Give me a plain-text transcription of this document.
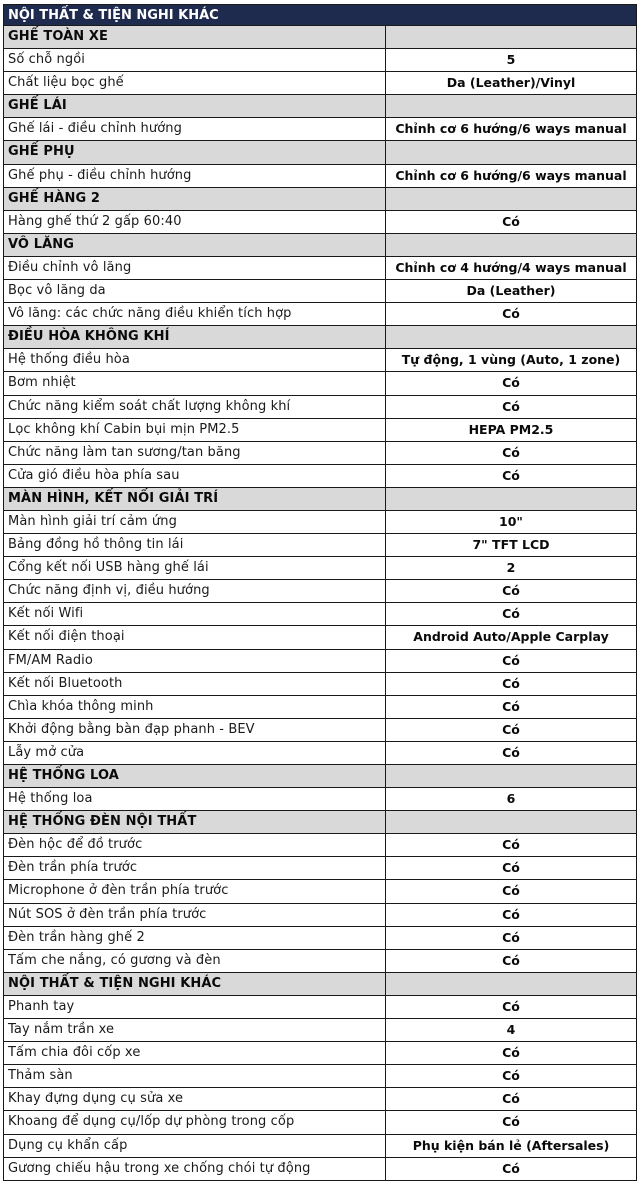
NỘI THẤT & TIỆN NGHI KHÁC
GHẾ TOÀN XE
Số chỗ ngồi	5
Chất liệu bọc ghế	Da (Leather)/Vinyl
GHẾ LÁI
Ghế lái - điều chỉnh hướng	Chỉnh cơ 6 hướng/6 ways manual
GHẾ PHỤ
Ghế phụ - điều chỉnh hướng	Chỉnh cơ 6 hướng/6 ways manual
GHẾ HÀNG 2
Hàng ghế thứ 2 gấp 60:40	Có
VÔ LĂNG
Điều chỉnh vô lăng	Chỉnh cơ 4 hướng/4 ways manual
Bọc vô lăng da	Da (Leather)
Vô lăng: các chức năng điều khiển tích hợp	Có
ĐIỀU HÒA KHÔNG KHÍ
Hệ thống điều hòa	Tự động, 1 vùng (Auto, 1 zone)
Bơm nhiệt	Có
Chức năng kiểm soát chất lượng không khí	Có
Lọc không khí Cabin bụi mịn PM2.5	HEPA PM2.5
Chức năng làm tan sương/tan băng	Có
Cửa gió điều hòa phía sau	Có
MÀN HÌNH, KẾT NỐI GIẢI TRÍ
Màn hình giải trí cảm ứng	10"
Bảng đồng hồ thông tin lái	7" TFT LCD
Cổng kết nối USB hàng ghế lái	2
Chức năng định vị, điều hướng	Có
Kết nối Wifi	Có
Kết nối điện thoại	Android Auto/Apple Carplay
FM/AM Radio	Có
Kết nối Bluetooth	Có
Chìa khóa thông minh	Có
Khởi động bằng bàn đạp phanh - BEV	Có
Lẫy mở cửa	Có
HỆ THỐNG LOA
Hệ thống loa	6
HỆ THỐNG ĐÈN NỘI THẤT
Đèn hộc để đồ trước	Có
Đèn trần phía trước	Có
Microphone ở đèn trần phía trước	Có
Nút SOS ở đèn trần phía trước	Có
Đèn trần hàng ghế 2	Có
Tấm che nắng, có gương và đèn	Có
NỘI THẤT & TIỆN NGHI KHÁC
Phanh tay	Có
Tay nắm trần xe	4
Tấm chia đôi cốp xe	Có
Thảm sàn	Có
Khay đựng dụng cụ sửa xe	Có
Khoang để dụng cụ/lốp dự phòng trong cốp	Có
Dụng cụ khẩn cấp	Phụ kiện bán lẻ (Aftersales)
Gương chiếu hậu trong xe chống chói tự động	Có
